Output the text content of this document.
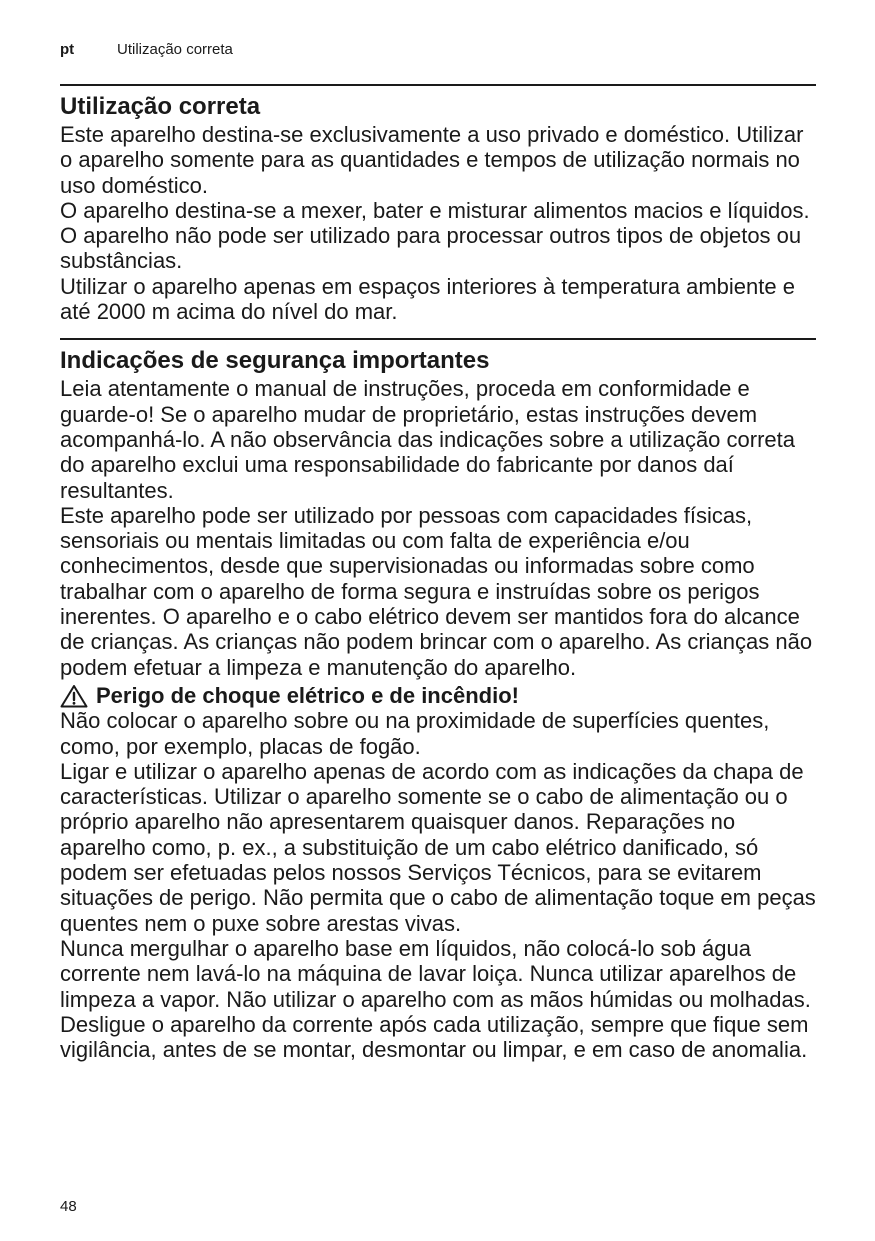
pt	Utilização correta
Utilização correta

Este aparelho destina-se exclusivamente a uso privado e doméstico. Utilizar o aparelho somente para as quantidades e tempos de utilização normais no uso doméstico.

O aparelho destina-se a mexer, bater e misturar alimentos macios e líquidos. O aparelho não pode ser utilizado para processar outros tipos de objetos ou substâncias.

Utilizar o aparelho apenas em espaços interiores à temperatura ambiente e até 2000 m acima do nível do mar.

Indicações de segurança importantes

Leia atentamente o manual de instruções, proceda em conformidade e guarde-o! Se o aparelho mudar de proprietário, estas instruções devem acompanhá-lo. A não observância das indicações sobre a utilização correta do aparelho exclui uma responsabilidade do fabricante por danos daí resultantes.

Este aparelho pode ser utilizado por pessoas com capacidades físicas, sensoriais ou mentais limitadas ou com falta de experiência e/ou conhecimentos, desde que supervisionadas ou informadas sobre como trabalhar com o aparelho de forma segura e instruídas sobre os perigos inerentes. O aparelho e o cabo elétrico devem ser mantidos fora do alcance de crianças. As crianças não podem brincar com o aparelho. As crianças não podem efetuar a limpeza e manutenção do aparelho.

Perigo de choque elétrico e de incêndio!

Não colocar o aparelho sobre ou na proximidade de superfícies quentes, como, por exemplo, placas de fogão.

Ligar e utilizar o aparelho apenas de acordo com as indicações da chapa de características. Utilizar o aparelho somente se o cabo de alimentação ou o próprio aparelho não apresentarem quaisquer danos. Reparações no aparelho como, p. ex., a substituição de um cabo elétrico danificado, só podem ser efetuadas pelos nossos Serviços Técnicos, para se evitarem situações de perigo. Não permita que o cabo de alimentação toque em peças quentes nem o puxe sobre arestas vivas.

Nunca mergulhar o aparelho base em líquidos, não colocá-lo sob água corrente nem lavá-lo na máquina de lavar loiça. Nunca utilizar aparelhos de limpeza a vapor. Não utilizar o aparelho com as mãos húmidas ou molhadas.

Desligue o aparelho da corrente após cada utilização, sempre que fique sem vigilância, antes de se montar, desmontar ou limpar, e em caso de anomalia.

48
